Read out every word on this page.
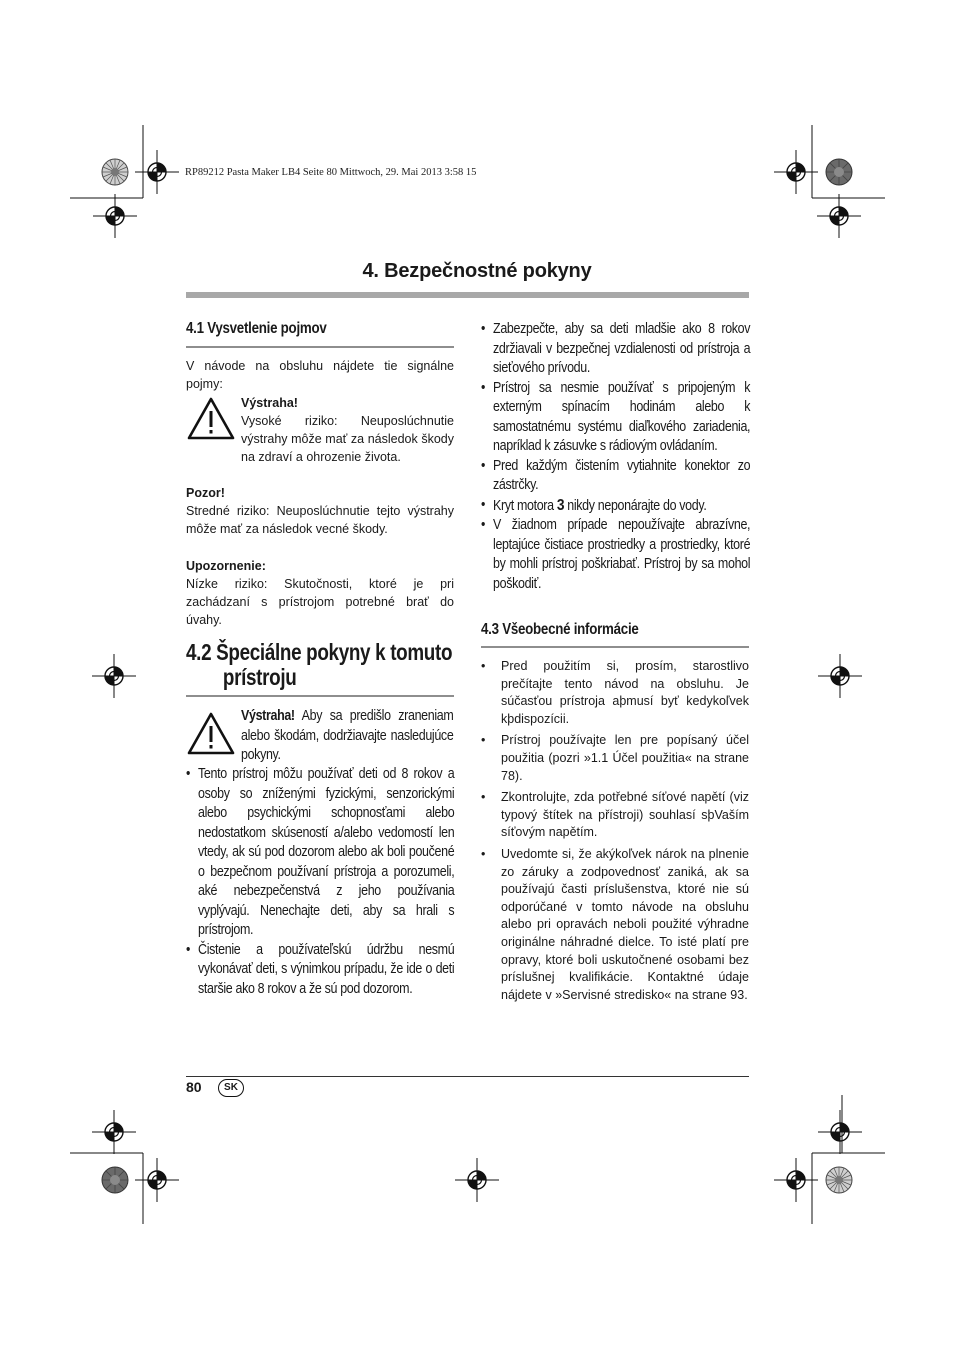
RP89212 Pasta Maker LB4 Seite 80 Mittwoch, 29. Mai 2013 3:58 15
4. Bezpečnostné pokyny
4.1 Vysvetlenie pojmov
V návode na obsluhu nájdete tie signálne pojmy:
Výstraha!
Vysoké riziko: Neuposlúchnutie výstrahy môže mať za následok škody na zdraví a ohrozenie života.
Pozor!
Stredné riziko: Neuposlúchnutie tejto výstrahy môže mať za následok vecné škody.
Upozornenie:
Nízke riziko: Skutočnosti, ktoré je pri zachádzaní s prístrojom potrebné brať do úvahy.
4.2 Špeciálne pokyny k tomuto
prístroju
Výstraha! Aby sa predišlo zraneniam alebo škodám, dodržiavajte nasledujúce pokyny.
• Tento prístroj môžu používať deti od 8 rokov a osoby so zníženými fyzickými, senzorickými alebo psychickými schopnosťami alebo nedostatkom skúseností a/alebo vedomostí len vtedy, ak sú pod dozorom alebo ak boli poučené o bezpečnom používaní prístroja a porozumeli, aké nebezpečenstvá z jeho používania vyplývajú. Nenechajte deti, aby sa hrali s prístrojom.
• Čistenie a používateľskú údržbu nesmú vykonávať deti, s výnimkou prípadu, že ide o deti staršie ako 8 rokov a že sú pod dozorom.
• Zabezpečte, aby sa deti mladšie ako 8 rokov zdržiavali v bezpečnej vzdialenosti od prístroja a sieťového prívodu.
• Prístroj sa nesmie používať s pripojeným k externým spínacím hodinám alebo k samostatnému systému diaľkového zariadenia, napríklad k zásuvke s rádiovým ovládaním.
• Pred každým čistením vytiahnite konektor zo zástrčky.
• Kryt motora 3 nikdy neponárajte do vody.
• V žiadnom prípade nepoužívajte abrazívne, leptajúce čistiace prostriedky a prostriedky, ktoré by mohli prístroj poškriabať. Prístroj by sa mohol poškodiť.
4.3 Všeobecné informácie
• Pred použitím si, prosím, starostlivo prečítajte tento návod na obsluhu. Je súčasťou prístroja aþmusí byť kedykoľvek kþdispozícii.
• Prístroj používajte len pre popísaný účel použitia (pozri »1.1 Účel použitia« na strane 78).
• Zkontrolujte, zda potřebné síťové napětí (viz typový štítek na přístroji) souhlasí sþVaším síťovým napětím.
• Uvedomte si, že akýkoľvek nárok na plnenie zo záruky a zodpovednosť zaniká, ak sa používajú časti príslušenstva, ktoré nie sú odporúčané v tomto návode na obsluhu alebo pri opravách neboli použité výhradne originálne náhradné dielce. To isté platí pre opravy, ktoré boli uskutočnené osobami bez príslušnej kvalifikácie. Kontaktné údaje nájdete v »Servisné stredisko« na strane 93.
80	SK
